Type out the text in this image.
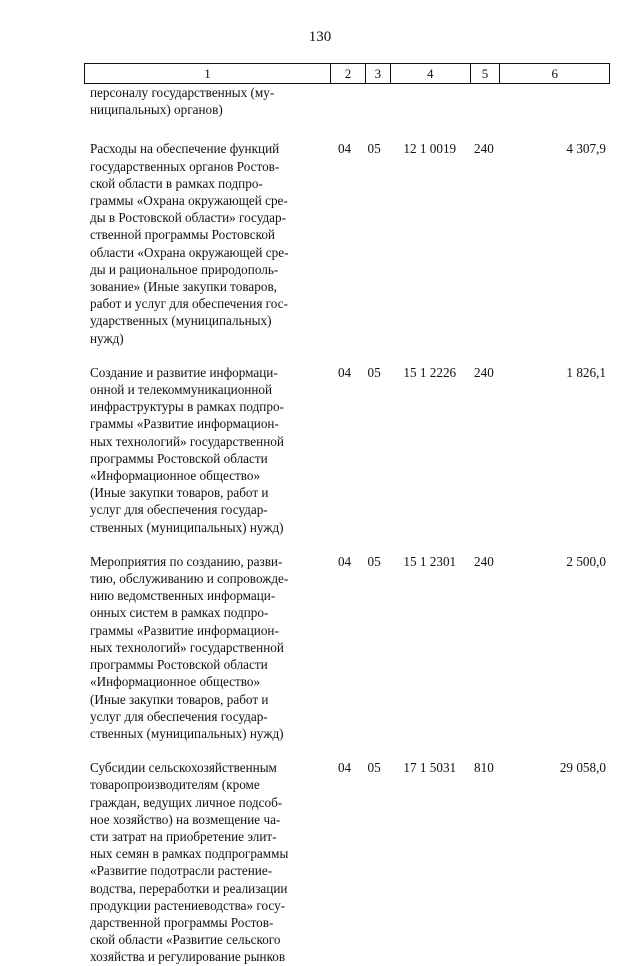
130
1	2	3	4	5	6
персоналу государственных (му-
ниципальных) органов)
Расходы на обеспечение функций
государственных органов Ростов-
ской области в рамках подпро-
граммы «Охрана окружающей сре-
ды в Ростовской области» государ-
ственной программы Ростовской
области «Охрана окружающей сре-
ды и рациональное природополь-
зование» (Иные закупки товаров,
работ и услуг для обеспечения гос-
ударственных (муниципальных)
нужд)
04	05	12 1 0019	240	4 307,9
Создание и развитие информаци-
онной и телекоммуникационной
инфраструктуры в рамках подпро-
граммы «Развитие информацион-
ных технологий» государственной
программы Ростовской области
«Информационное общество»
(Иные закупки товаров, работ и
услуг для обеспечения государ-
ственных (муниципальных) нужд)
04	05	15 1 2226	240	1 826,1
Мероприятия по созданию, разви-
тию, обслуживанию и сопровожде-
нию ведомственных информаци-
онных систем в рамках подпро-
граммы «Развитие информацион-
ных технологий» государственной
программы Ростовской области
«Информационное общество»
(Иные закупки товаров, работ и
услуг для обеспечения государ-
ственных (муниципальных) нужд)
04	05	15 1 2301	240	2 500,0
Субсидии сельскохозяйственным
товаропроизводителям (кроме
граждан, ведущих личное подсоб-
ное хозяйство) на возмещение ча-
сти затрат на приобретение элит-
ных семян в рамках подпрограммы
«Развитие подотрасли растение-
водства, переработки и реализации
продукции растениеводства» госу-
дарственной программы Ростов-
ской области «Развитие сельского
хозяйства и регулирование рынков
04	05	17 1 5031	810	29 058,0
